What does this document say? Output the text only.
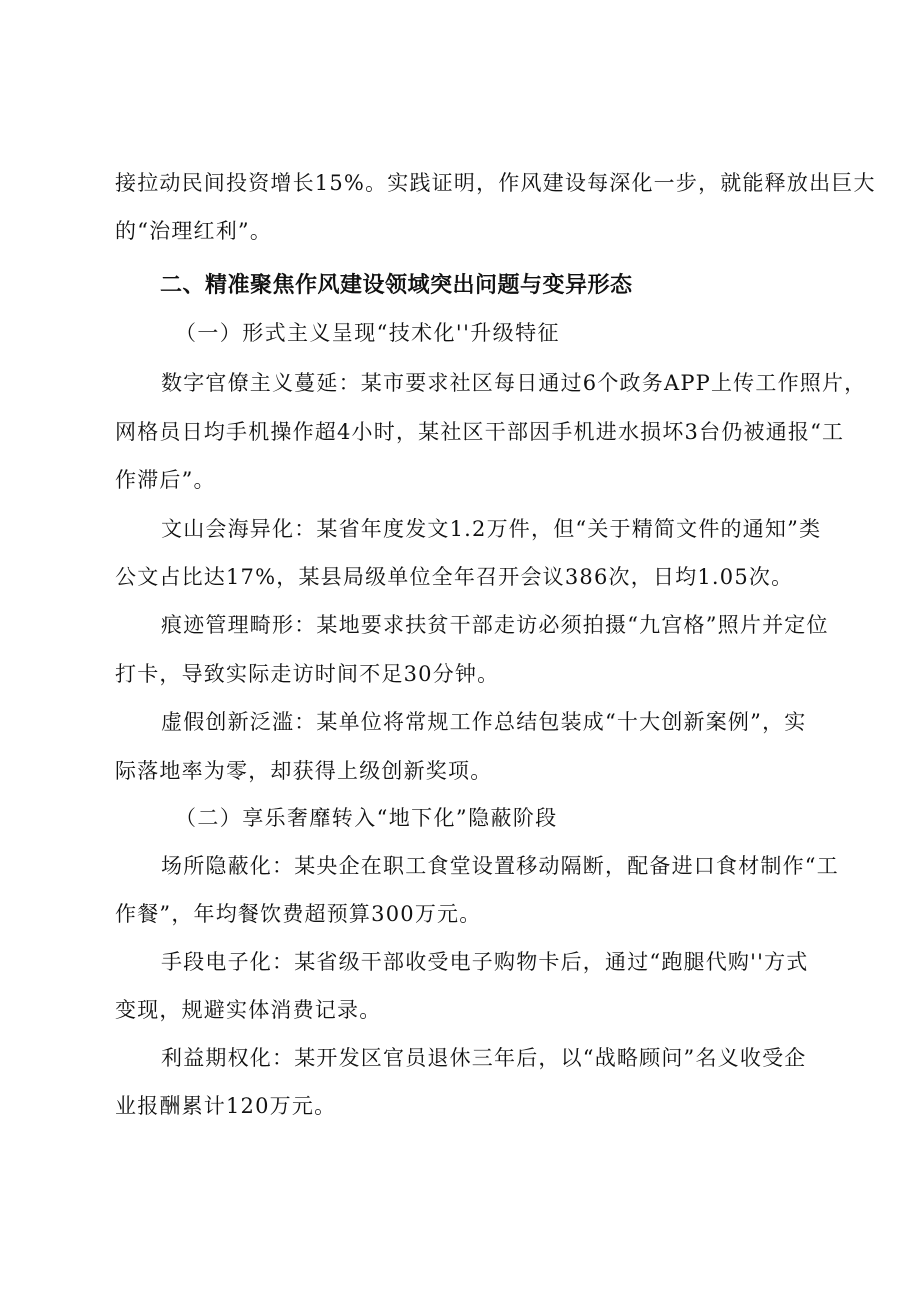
接拉动民间投资增长15%。实践证明，作风建设每深化一步，就能释放出巨大
的“治理红利”。
二、精准聚焦作风建设领域突出问题与变异形态
（一）形式主义呈现“技术化''升级特征
数字官僚主义蔓延：某市要求社区每日通过6个政务APP上传工作照片，
网格员日均手机操作超4小时，某社区干部因手机进水损坏3台仍被通报“工
作滞后”。
文山会海异化：某省年度发文1.2万件，但“关于精简文件的通知”类
公文占比达17%，某县局级单位全年召开会议386次，日均1.05次。
痕迹管理畸形：某地要求扶贫干部走访必须拍摄“九宫格”照片并定位
打卡，导致实际走访时间不足30分钟。
虚假创新泛滥：某单位将常规工作总结包装成“十大创新案例”，实
际落地率为零，却获得上级创新奖项。
（二）享乐奢靡转入“地下化”隐蔽阶段
场所隐蔽化：某央企在职工食堂设置移动隔断，配备进口食材制作“工
作餐”，年均餐饮费超预算300万元。
手段电子化：某省级干部收受电子购物卡后，通过“跑腿代购''方式
变现，规避实体消费记录。
利益期权化：某开发区官员退休三年后，以“战略顾问”名义收受企
业报酬累计120万元。
